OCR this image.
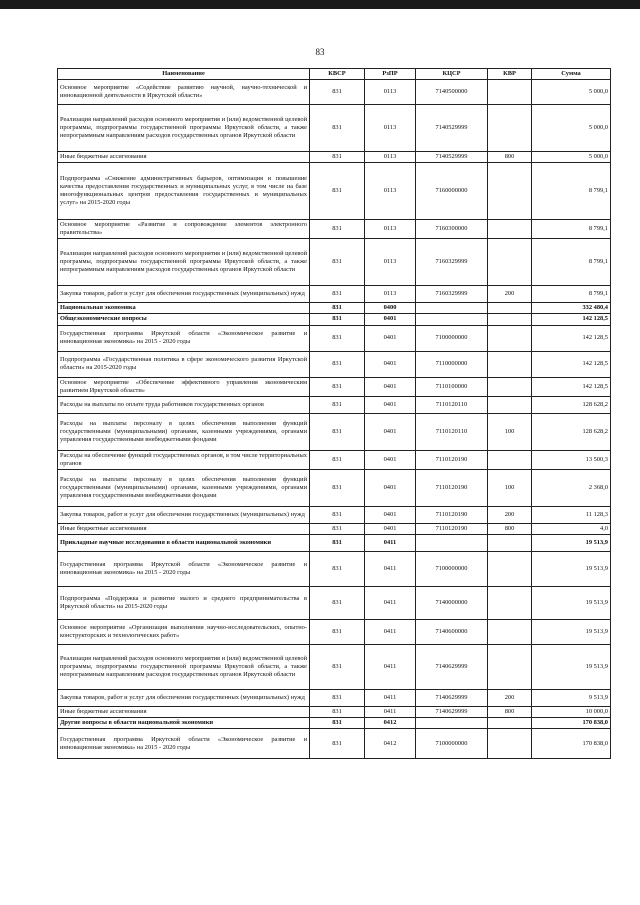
83
Наименование	КВСР	РзПР	КЦСР	КВР	Сумма
Основное мероприятие «Содействие развитию научной, научно-технической и инновационной деятельности в Иркутской области»	831	0113	7140500000		5 000,0
Реализация направлений расходов основного мероприятия и (или) ведомственной целевой программы, подпрограммы государственной программы Иркутской области, а также непрограммным направлениям расходов государственных органов Иркутской области	831	0113	7140529999		5 000,0
Иные бюджетные ассигнования	831	0113	7140529999	800	5 000,0
Подпрограмма «Снижение административных барьеров, оптимизация и повышение качества предоставления государственных и муниципальных услуг, в том числе на базе многофункциональных центров предоставления государственных и муниципальных услуг» на 2015-2020 годы	831	0113	7160000000		8 799,1
Основное мероприятие «Развитие и сопровождение элементов электронного правительства»	831	0113	7160300000		8 799,1
Реализация направлений расходов основного мероприятия и (или) ведомственной целевой программы, подпрограммы государственной программы Иркутской области, а также непрограммным направлениям расходов государственных органов Иркутской области	831	0113	7160329999		8 799,1
Закупка товаров, работ и услуг для обеспечения государственных (муниципальных) нужд	831	0113	7160329999	200	8 799,1
Национальная экономика	831	0400			332 480,4
Общеэкономические вопросы	831	0401			142 128,5
Государственная программа Иркутской области «Экономическое развитие и инновационная экономика» на 2015 - 2020 годы	831	0401	7100000000		142 128,5
Подпрограмма «Государственная политика в сфере экономического развития Иркутской области» на 2015-2020 годы	831	0401	7110000000		142 128,5
Основное мероприятие «Обеспечение эффективного управления экономическим развитием Иркутской области»	831	0401	7110100000		142 128,5
Расходы на выплаты по оплате труда работников государственных органов	831	0401	7110120110		128 628,2
Расходы на выплаты персоналу в целях обеспечения выполнения функций государственными (муниципальными) органами, казенными учреждениями, органами управления государственными внебюджетными фондами	831	0401	7110120110	100	128 628,2
Расходы на обеспечение функций государственных органов, в том числе территориальных органов	831	0401	7110120190		13 500,3
Расходы на выплаты персоналу в целях обеспечения выполнения функций государственными (муниципальными) органами, казенными учреждениями, органами управления государственными внебюджетными фондами	831	0401	7110120190	100	2 368,0
Закупка товаров, работ и услуг для обеспечения государственных (муниципальных) нужд	831	0401	7110120190	200	11 128,3
Иные бюджетные ассигнования	831	0401	7110120190	800	4,0
Прикладные научные исследования в области национальной экономики	831	0411			19 513,9
Государственная программа Иркутской области «Экономическое развитие и инновационная экономика» на 2015 - 2020 годы	831	0411	7100000000		19 513,9
Подпрограмма «Поддержка и развитие малого и среднего предпринимательства в Иркутской области» на 2015-2020 годы	831	0411	7140000000		19 513,9
Основное мероприятие «Организация выполнения научно-исследовательских, опытно-конструкторских и технологических работ»	831	0411	7140600000		19 513,9
Реализация направлений расходов основного мероприятия и (или) ведомственной целевой программы, подпрограммы государственной программы Иркутской области, а также непрограммным направлениям расходов государственных органов Иркутской области	831	0411	7140629999		19 513,9
Закупка товаров, работ и услуг для обеспечения государственных (муниципальных) нужд	831	0411	7140629999	200	9 513,9
Иные бюджетные ассигнования	831	0411	7140629999	800	10 000,0
Другие вопросы в области национальной экономики	831	0412			170 838,0
Государственная программа Иркутской области «Экономическое развитие и инновационная экономика» на 2015 - 2020 годы	831	0412	7100000000		170 838,0
